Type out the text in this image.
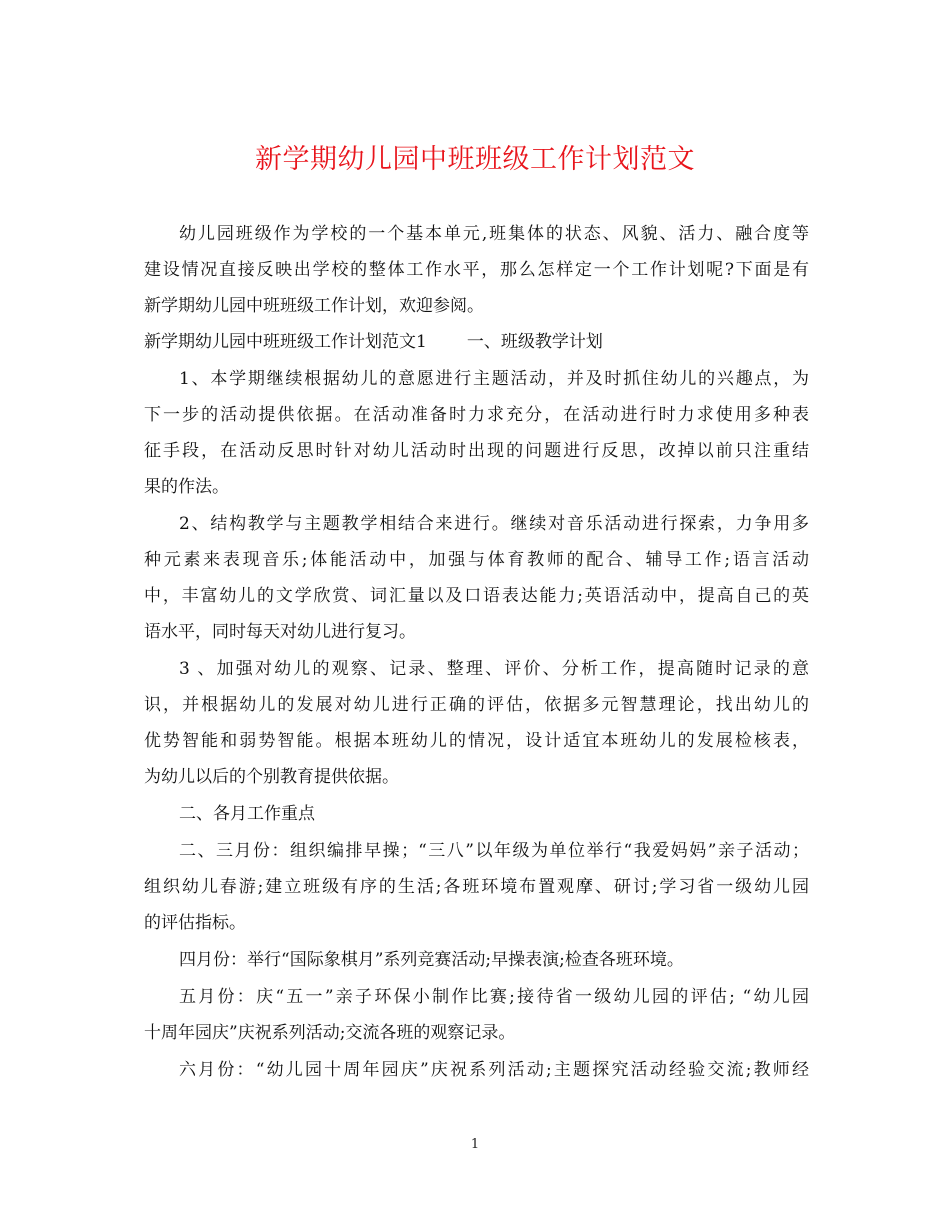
新学期幼儿园中班班级工作计划范文

幼儿园班级作为学校的一个基本单元,班集体的状态、风貌、活力、融合度等

建设情况直接反映出学校的整体工作水平，那么怎样定一个工作计划呢?下面是有

新学期幼儿园中班班级工作计划，欢迎参阅。

新学期幼儿园中班班级工作计划范文1 一、班级教学计划

1、本学期继续根据幼儿的意愿进行主题活动，并及时抓住幼儿的兴趣点，为

下一步的活动提供依据。在活动准备时力求充分，在活动进行时力求使用多种表

征手段，在活动反思时针对幼儿活动时出现的问题进行反思，改掉以前只注重结

果的作法。

2、结构教学与主题教学相结合来进行。继续对音乐活动进行探索，力争用多

种元素来表现音乐;体能活动中，加强与体育教师的配合、辅导工作;语言活动

中，丰富幼儿的文学欣赏、词汇量以及口语表达能力;英语活动中，提高自己的英

语水平，同时每天对幼儿进行复习。

3 、加强对幼儿的观察、记录、整理、评价、分析工作，提高随时记录的意

识，并根据幼儿的发展对幼儿进行正确的评估，依据多元智慧理论，找出幼儿的

优势智能和弱势智能。根据本班幼儿的情况，设计适宜本班幼儿的发展检核表，

为幼儿以后的个别教育提供依据。

二、各月工作重点

二、三月份：组织编排早操；“三八”以年级为单位举行“我爱妈妈”亲子活动；

组织幼儿春游;建立班级有序的生活;各班环境布置观摩、研讨;学习省一级幼儿园

的评估指标。

四月份：举行“国际象棋月”系列竞赛活动;早操表演;检查各班环境。

五月份：庆“五一”亲子环保小制作比赛;接待省一级幼儿园的评估; “幼儿园

十周年园庆”庆祝系列活动;交流各班的观察记录。

六月份：“幼儿园十周年园庆”庆祝系列活动;主题探究活动经验交流;教师经

1
